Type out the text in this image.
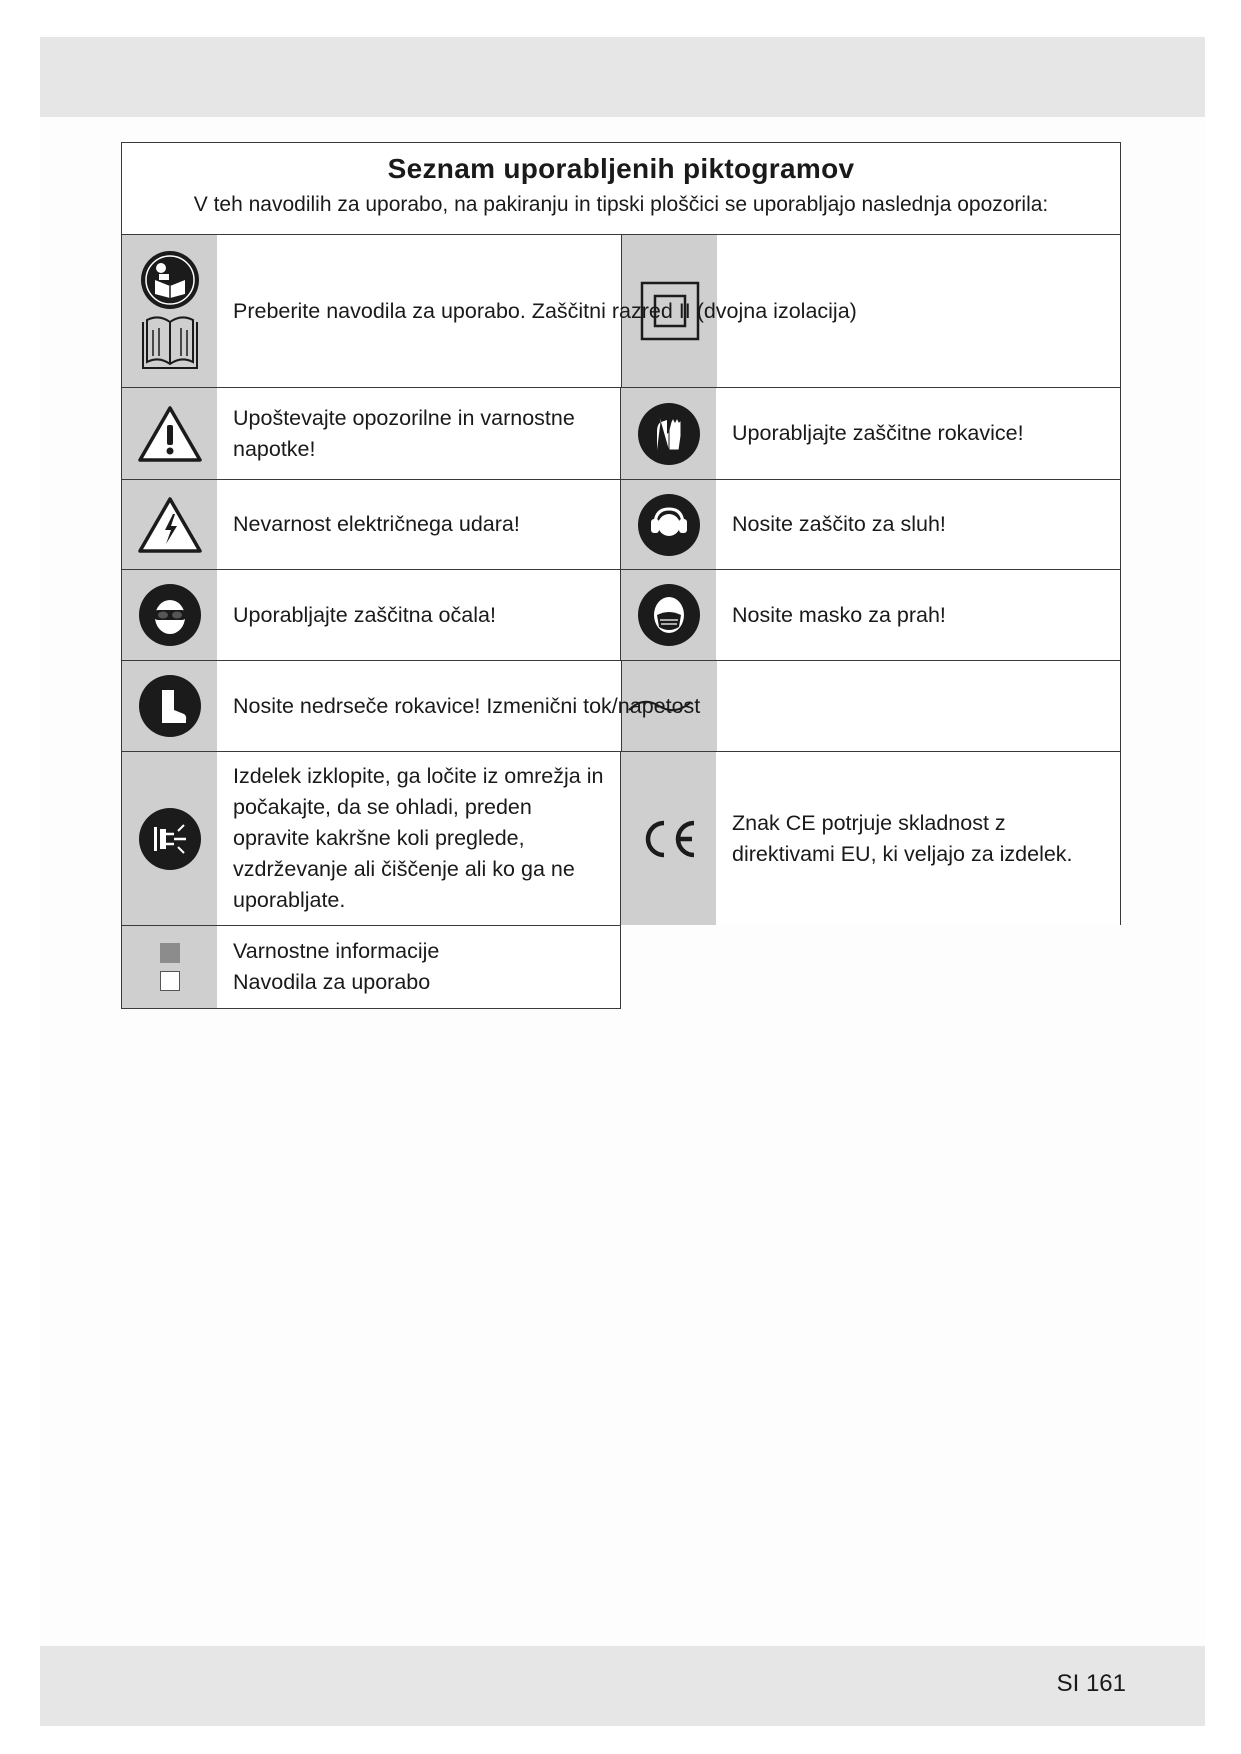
Seznam uporabljenih piktogramov
V teh navodilih za uporabo, na pakiranju in tipski ploščici se uporabljajo naslednja opozorila:
Preberite navodila za uporabo. Zaščitni razred II (dvojna izolacija)
Upoštevajte opozorilne in varnostne napotke!
Uporabljajte zaščitne rokavice!
Nevarnost električnega udara!	Nosite zaščito za sluh!
Uporabljajte zaščitna očala!	Nosite masko za prah!
Nosite nedrseče rokavice! Izmenični tok/napetost
Izdelek izklopite, ga ločite iz omrežja in počakajte, da se ohladi, preden opravite kakršne koli preglede, vzdrževanje ali čiščenje ali ko ga ne uporabljate.
Znak CE potrjuje skladnost z direktivami EU, ki veljajo za izdelek.
Varnostne informacije
Navodila za uporabo
SI 161
